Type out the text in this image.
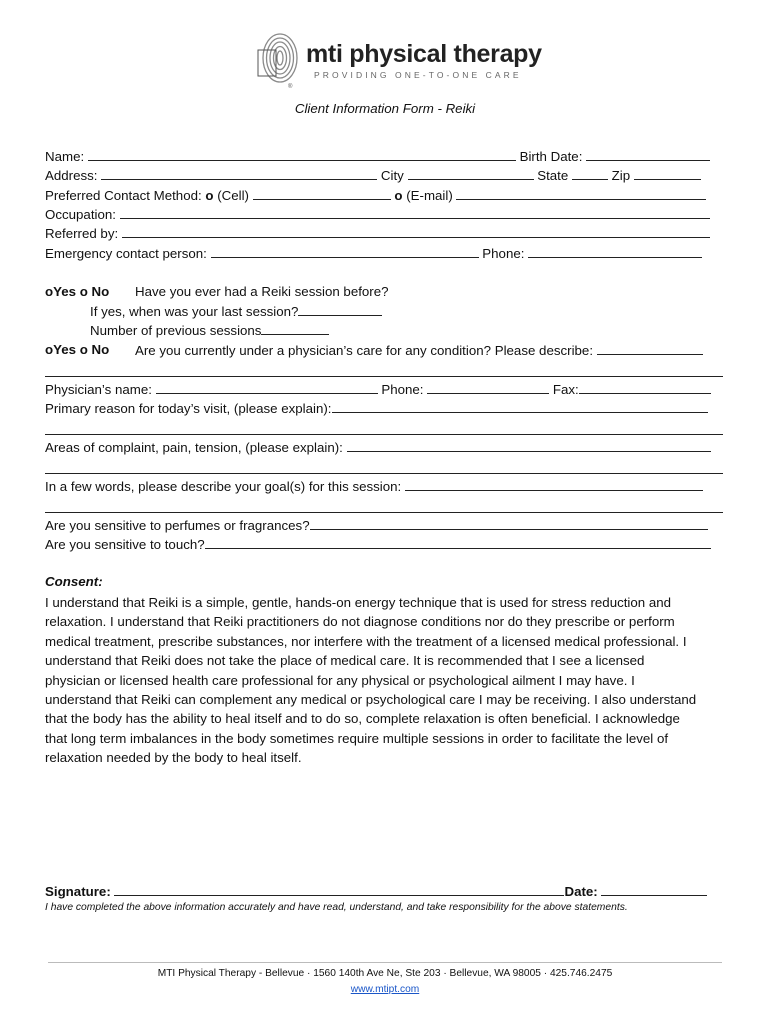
mti physical therapy
PROVIDING ONE-TO-ONE CARE
®
Client Information Form - Reiki
Name:	Birth Date:
Address:	City	State	Zip
Preferred Contact Method: o (Cell)	o (E-mail)
Occupation:
Referred by:
Emergency contact person:	Phone:
oYes o No Have you ever had a Reiki session before?
If yes, when was your last session?
Number of previous sessions
oYes o No Are you currently under a physician’s care for any condition? Please describe:
Physician’s name:	Phone:	Fax:
Primary reason for today’s visit, (please explain):
Areas of complaint, pain, tension, (please explain):
In a few words, please describe your goal(s) for this session:
Are you sensitive to perfumes or fragrances?
Are you sensitive to touch?
Consent:
I understand that Reiki is a simple, gentle, hands-on energy technique that is used for stress reduction and
relaxation. I understand that Reiki practitioners do not diagnose conditions nor do they prescribe or perform
medical treatment, prescribe substances, nor interfere with the treatment of a licensed medical professional. I
understand that Reiki does not take the place of medical care. It is recommended that I see a licensed
physician or licensed health care professional for any physical or psychological ailment I may have. I
understand that Reiki can complement any medical or psychological care I may be receiving. I also understand
that the body has the ability to heal itself and to do so, complete relaxation is often beneficial. I acknowledge
that long term imbalances in the body sometimes require multiple sessions in order to facilitate the level of
relaxation needed by the body to heal itself.
Signature:	Date:
I have completed the above information accurately and have read, understand, and take responsibility for the above statements.
MTI Physical Therapy - Bellevue · 1560 140th Ave Ne, Ste 203 · Bellevue, WA 98005 · 425.746.2475
www.mtipt.com
